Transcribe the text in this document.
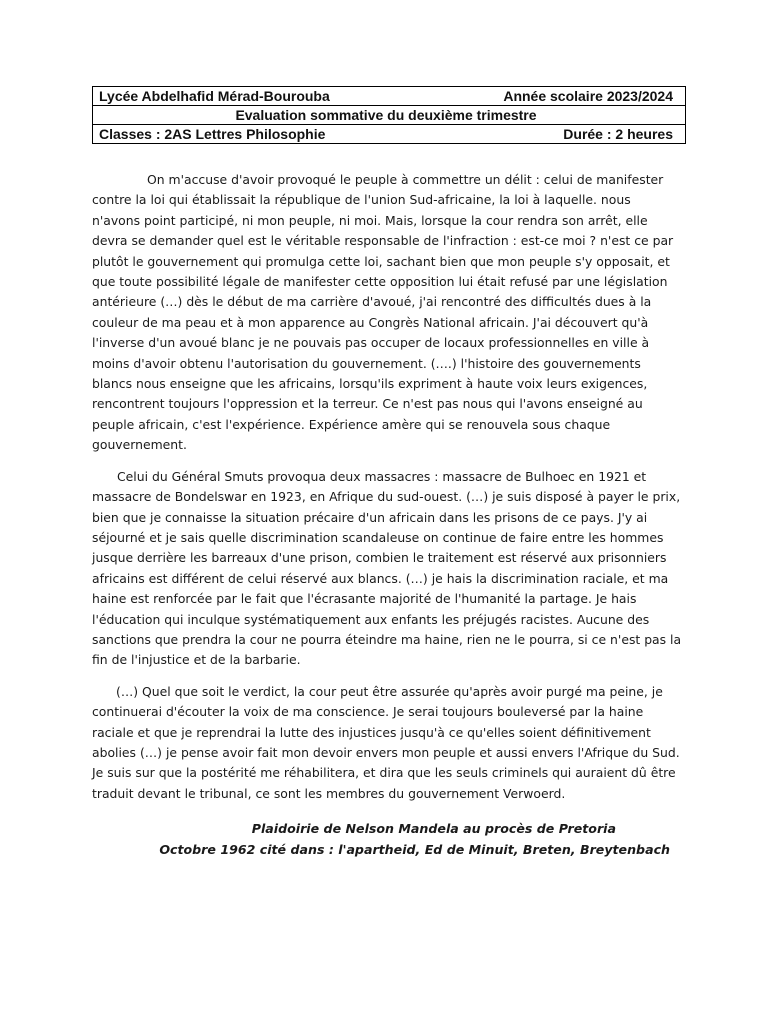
Lycée Abdelhafid Mérad-Bourouba	Année scolaire 2023/2024

Evaluation sommative du deuxième trimestre

Classes : 2AS Lettres Philosophie	Durée : 2 heures

On m'accuse d'avoir provoqué le peuple à commettre un délit : celui de manifester contre la loi qui établissait la république de l'union Sud-africaine, la loi à laquelle. nous n'avons point participé, ni mon peuple, ni moi. Mais, lorsque la cour rendra son arrêt, elle devra se demander quel est le véritable responsable de l'infraction : est-ce moi ? n'est ce par plutôt le gouvernement qui promulga cette loi, sachant bien que mon peuple s'y opposait, et que toute possibilité légale de manifester cette opposition lui était refusé par une législation antérieure (…) dès le début de ma carrière d'avoué, j'ai rencontré des difficultés dues à la couleur de ma peau et à mon apparence au Congrès National africain. J'ai découvert qu'à l'inverse d'un avoué blanc je ne pouvais pas occuper de locaux professionnelles en ville à moins d'avoir obtenu l'autorisation du gouvernement. (….) l'histoire des gouvernements blancs nous enseigne que les africains, lorsqu'ils expriment à haute voix leurs exigences, rencontrent toujours l'oppression et la terreur. Ce n'est pas nous qui l'avons enseigné au peuple africain, c'est l'expérience. Expérience amère qui se renouvela sous chaque gouvernement.

Celui du Général Smuts provoqua deux massacres : massacre de Bulhoec en 1921 et massacre de Bondelswar en 1923, en Afrique du sud-ouest. (…) je suis disposé à payer le prix, bien que je connaisse la situation précaire d'un africain dans les prisons de ce pays. J'y ai séjourné et je sais quelle discrimination scandaleuse on continue de faire entre les hommes jusque derrière les barreaux d'une prison, combien le traitement est réservé aux prisonniers africains est différent de celui réservé aux blancs. (…) je hais la discrimination raciale, et ma haine est renforcée par le fait que l'écrasante majorité de l'humanité la partage. Je hais l'éducation qui inculque systématiquement aux enfants les préjugés racistes. Aucune des sanctions que prendra la cour ne pourra éteindre ma haine, rien ne le pourra, si ce n'est pas la fin de l'injustice et de la barbarie.

(…) Quel que soit le verdict, la cour peut être assurée qu'après avoir purgé ma peine, je continuerai d'écouter la voix de ma conscience. Je serai toujours bouleversé par la haine raciale et que je reprendrai la lutte des injustices jusqu'à ce qu'elles soient définitivement abolies (…) je pense avoir fait mon devoir envers mon peuple et aussi envers l'Afrique du Sud. Je suis sur que la postérité me réhabilitera, et dira que les seuls criminels qui auraient dû être traduit devant le tribunal, ce sont les membres du gouvernement Verwoerd.

Plaidoirie de Nelson Mandela au procès de Pretoria
Octobre 1962 cité dans : l'apartheid, Ed de Minuit, Breten, Breytenbach
